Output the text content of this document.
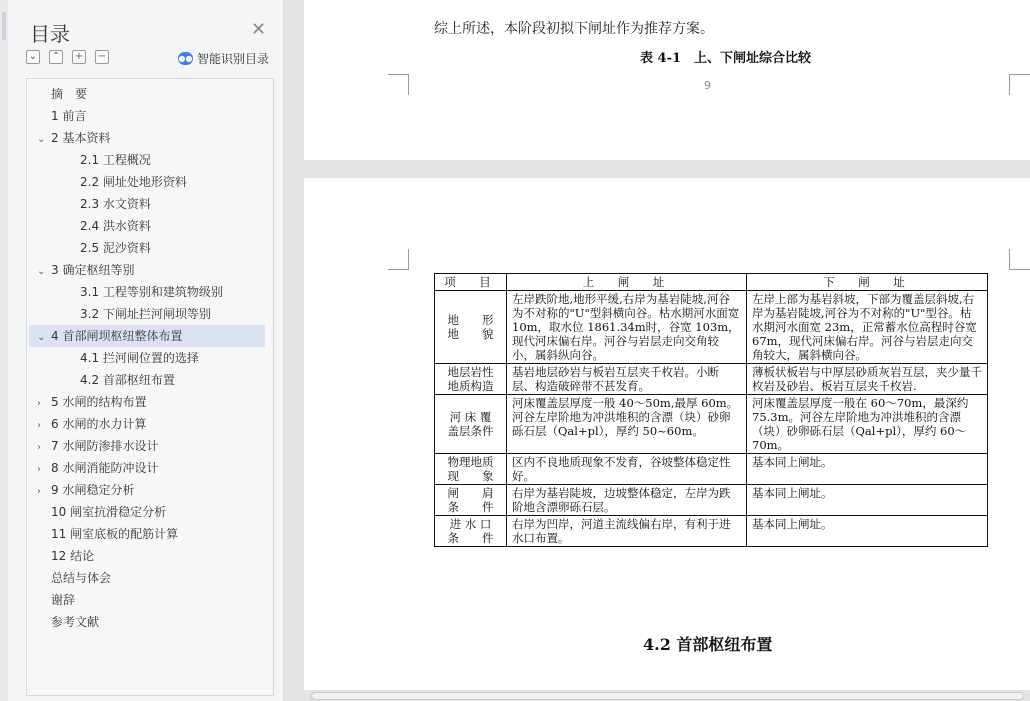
目录	✕
⌄ ⌃ + −	●● 智能识别目录
摘　要
1 前言
⌄ 2 基本资料
2.1 工程概况
2.2 闸址处地形资料
2.3 水文资料
2.4 洪水资料
2.5 泥沙资料
⌄ 3 确定枢纽等别
3.1 工程等别和建筑物级别
3.2 下闸址拦河闸坝等别
⌄ 4 首部闸坝枢纽整体布置
4.1 拦河闸位置的选择
4.2 首部枢纽布置
› 5 水闸的结构布置
› 6 水闸的水力计算
› 7 水闸防渗排水设计
› 8 水闸消能防冲设计
› 9 水闸稳定分析
10 闸室抗滑稳定分析
11 闸室底板的配筋计算
12 结论
总结与体会
谢辞
参考文献
综上所述，本阶段初拟下闸址作为推荐方案。
表 4-1　上、下闸址综合比较
9
项　目	上　闸　址	下　闸　址
地　　形
地　　貌	左岸跌阶地,地形平缓,右岸为基岩陡坡,河谷为不对称的"U"型斜横向谷。枯水期河水面宽 10m，取水位 1861.34m时，谷宽 103m，现代河床偏右岸。河谷与岩层走向交角较小，属斜纵向谷。	左岸上部为基岩斜坡，下部为覆盖层斜坡,右岸为基岩陡坡,河谷为不对称的"U"型谷。枯水期河水面宽 23m，正常蓄水位高程时谷宽 67m，现代河床偏右岸。河谷与岩层走向交角较大，属斜横向谷。
地层岩性
地质构造	基岩地层砂岩与板岩互层夹千枚岩。小断层、构造破碎带不甚发育。	薄板状板岩与中厚层砂质灰岩互层，夹少量千枚岩及砂岩、板岩互层夹千枚岩.
河 床 覆
盖层条件	河床覆盖层厚度一般 40～50m,最厚 60m。河谷左岸阶地为冲洪堆积的含漂（块）砂卵砾石层（Qal+pl），厚约 50~60m。	河床覆盖层厚度一般在 60～70m，最深约 75.3m。河谷左岸阶地为冲洪堆积的含漂（块）砂卵砾石层（Qal+pl），厚约 60～70m。
物理地质
现　　象	区内不良地质现象不发育，谷坡整体稳定性好。	基本同上闸址。
闸　　肩
条　　件	右岸为基岩陡坡，边坡整体稳定，左岸为跌阶地含漂卵砾石层。	基本同上闸址。
进 水 口
条　　件	右岸为凹岸，河道主流线偏右岸，有利于进水口布置。	基本同上闸址。
4.2 首部枢纽布置
